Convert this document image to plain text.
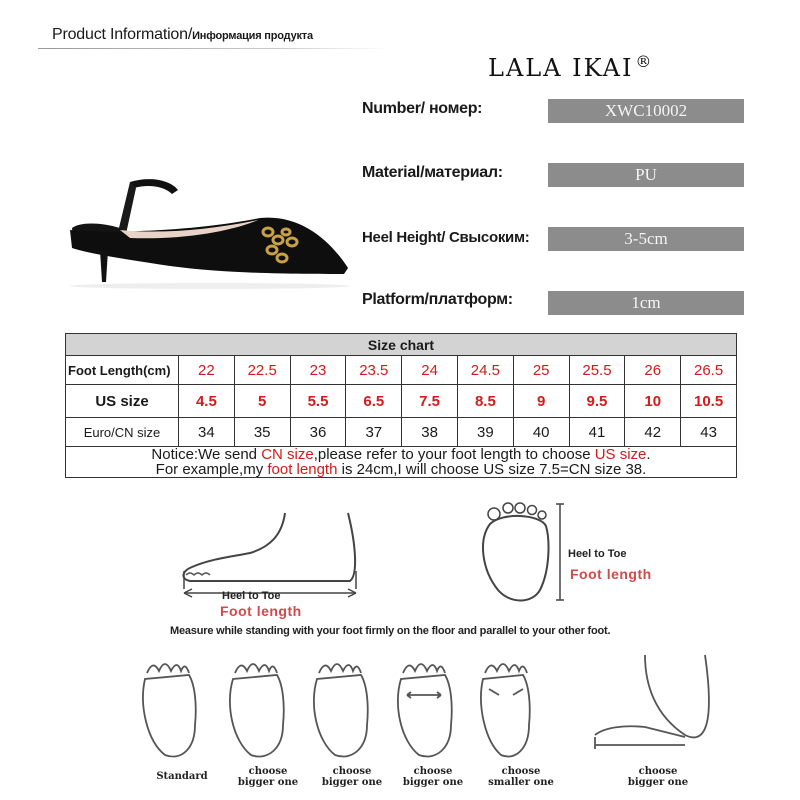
Product Information/Информация продукта
LALA IKAI ®
Number/ номер:	XWC10002
Material/материал:	PU
Heel Height/ Свысоким:	3-5cm
Platform/платформ:	1cm
Size chart										
Foot Length(cm)	22	22.5	23	23.5	24	24.5	25	25.5	26	26.5
US size	4.5	5	5.5	6.5	7.5	8.5	9	9.5	10	10.5
Euro/CN size	34	35	36	37	38	39	40	41	42	43

Notice:We send CN size,please refer to your foot length to choose US size.
For example,my foot length is 24cm,I will choose US size 7.5=CN size 38.										
Heel to Toe
Foot length
Heel to Toe
Foot length
Measure while standing with your foot firmly on the floor and parallel to your other foot.
Standard	choose
bigger one
choose
bigger one
choose
bigger one
choose
smaller one
choose
bigger one
